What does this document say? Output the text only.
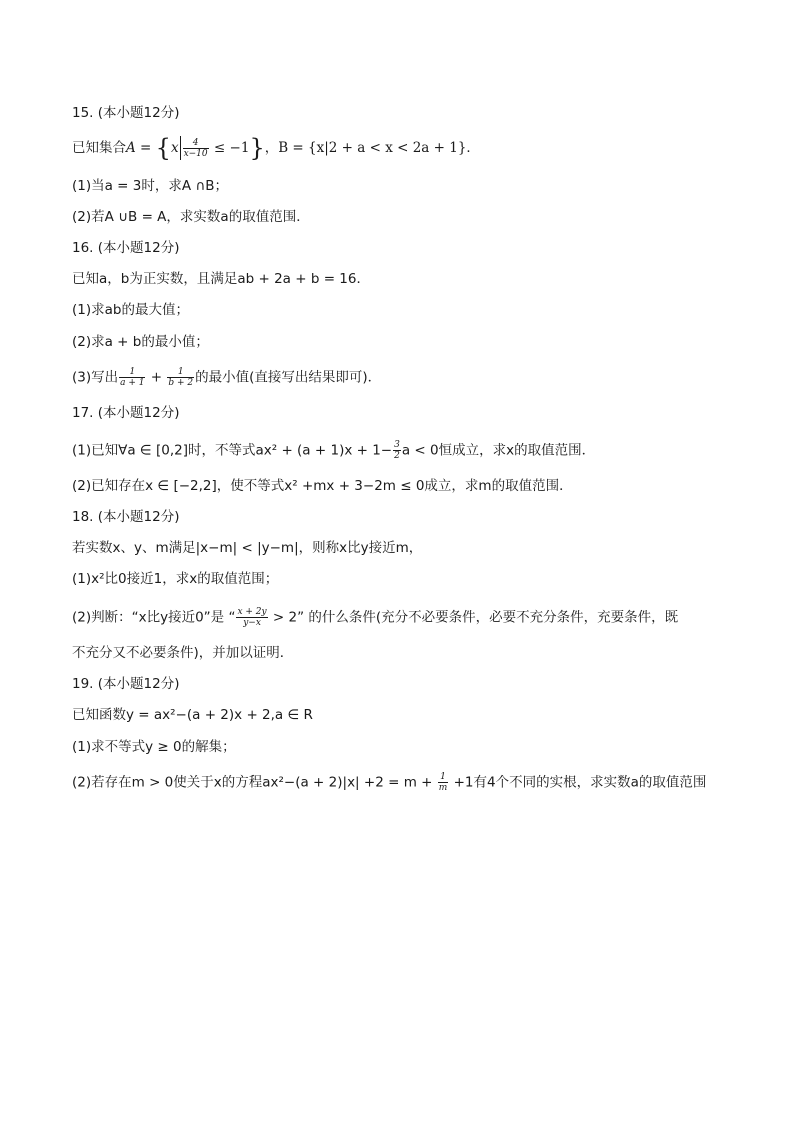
15. (本小题12分)
已知集合$A = \{x \frac{4}{x-10} \le -1\}$，B = {x|2 + a < x < 2a + 1}．
(1)当a = 3时，求A ∩B；
(2)若A ∪B = A，求实数a的取值范围．
16. (本小题12分)
已知a，b为正实数，且满足ab + 2a + b = 16．
(1)求ab的最大值；
(2)求a + b的最小值；
(3)写出 $\frac{1}{a + 1} + \frac{1}{b + 2}$ 的最小值(直接写出结果即可)．
17. (本小题12分)
(1)已知∀a ∈ [0,2]时，不等式$ax^2 + (a + 1)x + 1- \frac{3}{2}$ a < 0恒成立，求x的取值范围．
(2)已知存在x ∈ [−2,2]，使不等式x² +mx + 3−2m ≤ 0成立，求m的取值范围．
18. (本小题12分)
若实数x、y、m满足|x−m| < |y−m|，则称x比y接近m，
(1)x²比0接近1，求x的取值范围；
(2)判断：“x比y接近0”是 “ $\frac{x + 2y}{y-x} > 2$” 的什么条件(充分不必要条件，必要不充分条件，充要条件，既
不充分又不必要条件)，并加以证明．
19. (本小题12分)
已知函数y = ax²−(a + 2)x + 2,a ∈ R
(1)求不等式y ≥ 0的解集；
(2)若存在m > 0使关于x的方程$ax^2-(a + 2)|x| +2 = m + \frac{1}{m} +1$有4个不同的实根，求实数a的取值范围
